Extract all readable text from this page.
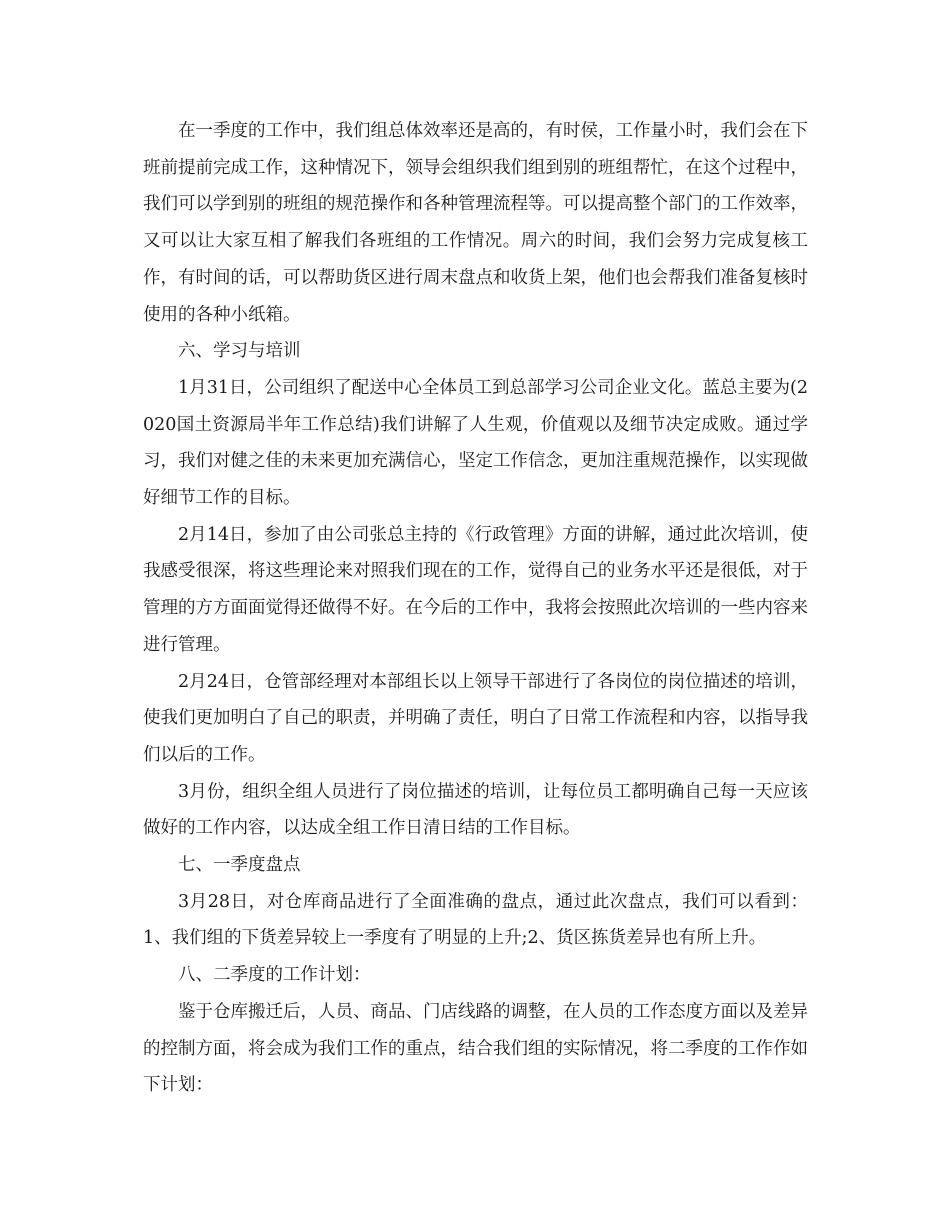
在一季度的工作中，我们组总体效率还是高的，有时侯，工作量小时，我们会在下班前提前完成工作，这种情况下，领导会组织我们组到别的班组帮忙，在这个过程中，我们可以学到别的班组的规范操作和各种管理流程等。可以提高整个部门的工作效率，又可以让大家互相了解我们各班组的工作情况。周六的时间，我们会努力完成复核工作，有时间的话，可以帮助货区进行周末盘点和收货上架，他们也会帮我们准备复核时使用的各种小纸箱。

六、学习与培训

1月31日，公司组织了配送中心全体员工到总部学习公司企业文化。蓝总主要为(2020国土资源局半年工作总结)我们讲解了人生观，价值观以及细节决定成败。通过学习，我们对健之佳的未来更加充满信心，坚定工作信念，更加注重规范操作，以实现做好细节工作的目标。

2月14日，参加了由公司张总主持的《行政管理》方面的讲解，通过此次培训，使我感受很深，将这些理论来对照我们现在的工作，觉得自己的业务水平还是很低，对于管理的方方面面觉得还做得不好。在今后的工作中，我将会按照此次培训的一些内容来进行管理。

2月24日，仓管部经理对本部组长以上领导干部进行了各岗位的岗位描述的培训，使我们更加明白了自己的职责，并明确了责任，明白了日常工作流程和内容，以指导我们以后的工作。

3月份，组织全组人员进行了岗位描述的培训，让每位员工都明确自己每一天应该做好的工作内容，以达成全组工作日清日结的工作目标。

七、一季度盘点

3月28日，对仓库商品进行了全面准确的盘点，通过此次盘点，我们可以看到：1、我们组的下货差异较上一季度有了明显的上升;2、货区拣货差异也有所上升。

八、二季度的工作计划：

鉴于仓库搬迁后，人员、商品、门店线路的调整，在人员的工作态度方面以及差异的控制方面，将会成为我们工作的重点，结合我们组的实际情况，将二季度的工作作如下计划：
